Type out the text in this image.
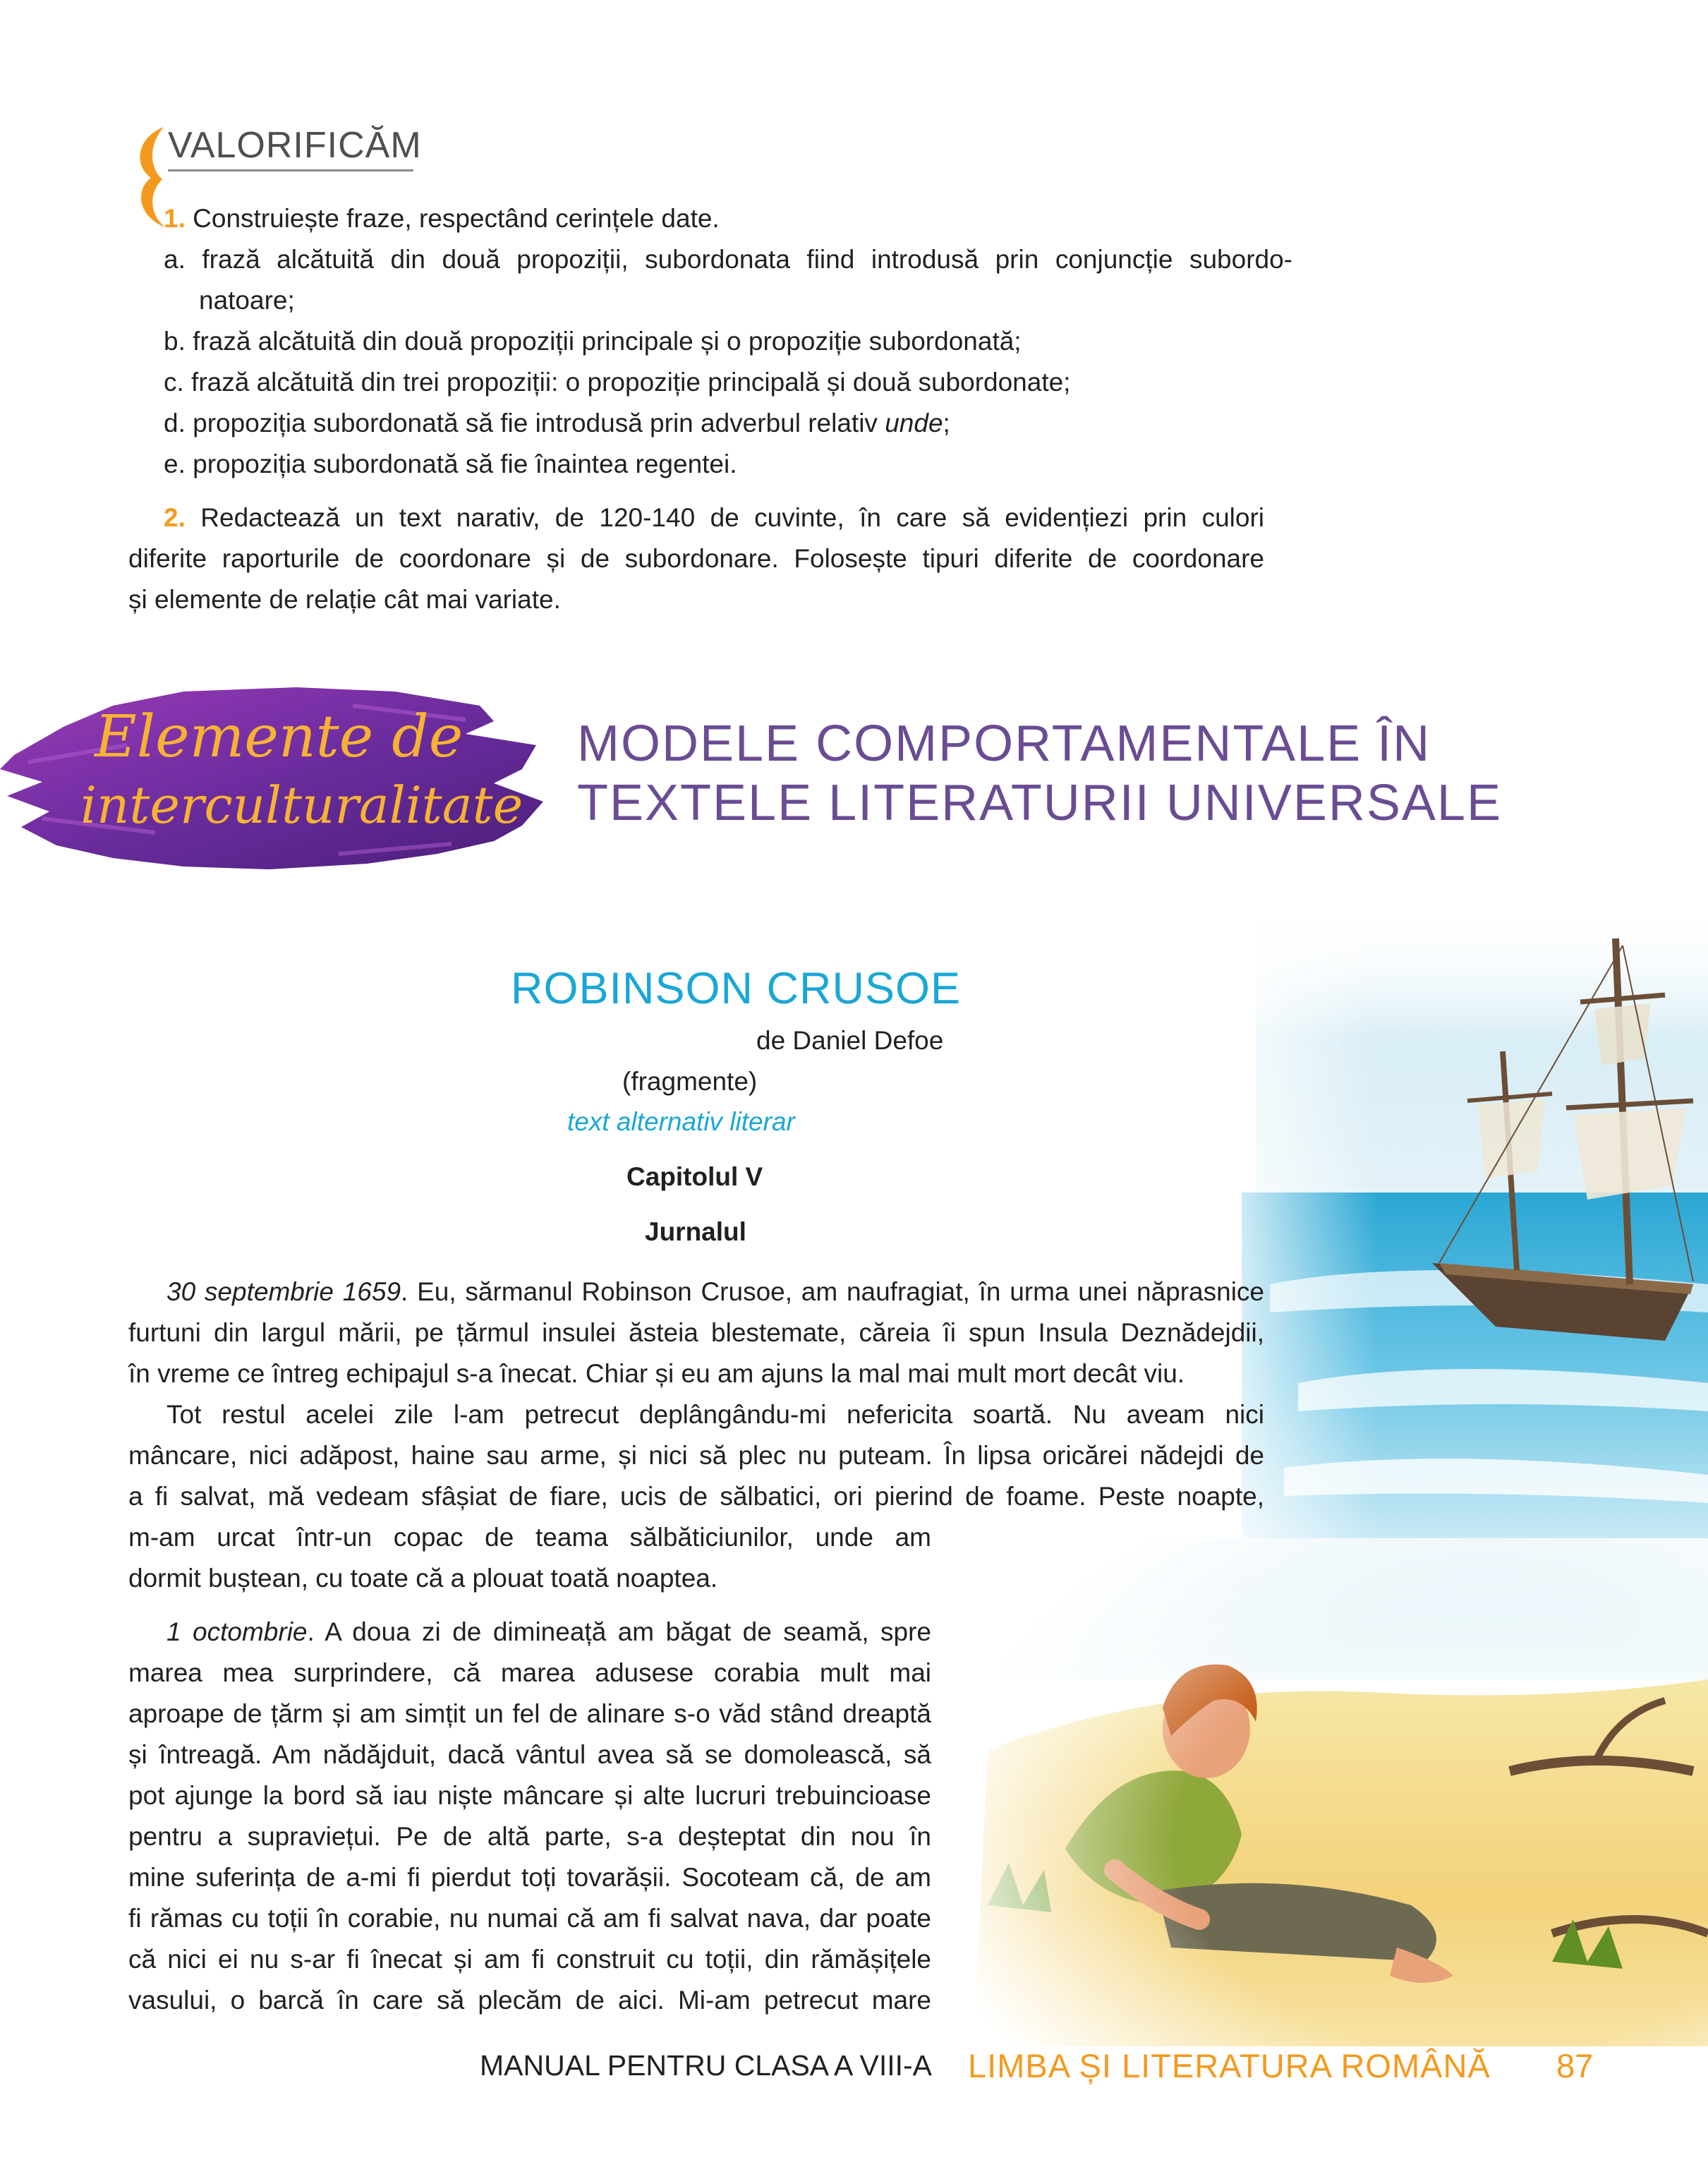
VALORIFICĂM
1. Construiește fraze, respectând cerințele date.
a. frază alcătuită din două propoziții, subordonata fiind introdusă prin conjuncție subordo-
natoare;
b. frază alcătuită din două propoziții principale și o propoziție subordonată;
c. frază alcătuită din trei propoziții: o propoziție principală și două subordonate;
d. propoziția subordonată să fie introdusă prin adverbul relativ unde;
e. propoziția subordonată să fie înaintea regentei.
2. Redactează un text narativ, de 120-140 de cuvinte, în care să evidențiezi prin culori
diferite raporturile de coordonare și de subordonare. Folosește tipuri diferite de coordonare
și elemente de relație cât mai variate.
Elemente de
interculturalitate
MODELE COMPORTAMENTALE ÎN
TEXTELE LITERATURII UNIVERSALE
ROBINSON CRUSOE
de Daniel Defoe
(fragmente)
text alternativ literar
Capitolul V
Jurnalul
30 septembrie 1659. Eu, sărmanul Robinson Crusoe, am naufragiat, în urma unei năprasnice
furtuni din largul mării, pe țărmul insulei ăsteia blestemate, căreia îi spun Insula Deznădejdii,
în vreme ce întreg echipajul s-a înecat. Chiar și eu am ajuns la mal mai mult mort decât viu.
Tot restul acelei zile l-am petrecut deplângându-mi nefericita soartă. Nu aveam nici
mâncare, nici adăpost, haine sau arme, și nici să plec nu puteam. În lipsa oricărei nădejdi de
a fi salvat, mă vedeam sfâșiat de fiare, ucis de sălbatici, ori pierind de foame. Peste noapte,
m-am urcat într-un copac de teama sălbăticiunilor, unde am
dormit buștean, cu toate că a plouat toată noaptea.
1 octombrie. A doua zi de dimineață am băgat de seamă, spre
marea mea surprindere, că marea adusese corabia mult mai
aproape de țărm și am simțit un fel de alinare s-o văd stând dreaptă
și întreagă. Am nădăjduit, dacă vântul avea să se domolească, să
pot ajunge la bord să iau niște mâncare și alte lucruri trebuincioase
pentru a supraviețui. Pe de altă parte, s-a deșteptat din nou în
mine suferința de a-mi fi pierdut toți tovarășii. Socoteam că, de am
fi rămas cu toții în corabie, nu numai că am fi salvat nava, dar poate
că nici ei nu s-ar fi înecat și am fi construit cu toții, din rămășițele
vasului, o barcă în care să plecăm de aici. Mi-am petrecut mare
MANUAL PENTRU CLASA A VIII-A LIMBA ȘI LITERATURA ROMÂNĂ 87
